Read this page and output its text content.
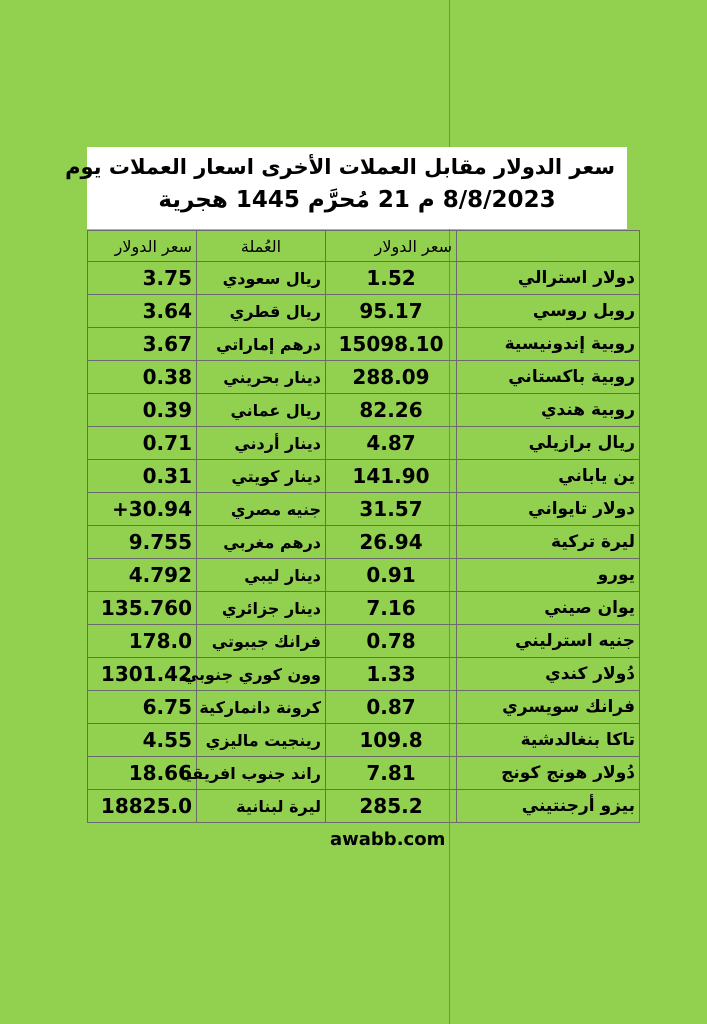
سعر الدولار مقابل العملات الأخرى اسعار العملات يوم
8/8/2023 م 21 مُحرَّم 1445 هجرية
	سعر الدولار	العُملة	سعر الدولار
دولار استرالي	1.52	ريال سعودي	3.75
روبل روسي	95.17	ريال قطري	3.64
روبية إندونيسية	15098.10	درهم إماراتي	3.67
روبية باكستاني	288.09	دينار بحريني	0.38
روبية هندي	82.26	ريال عماني	0.39
ريال برازيلي	4.87	دينار أردني	0.71
ين ياباني	141.90	دينار كويتي	0.31
دولار تايواني	31.57	جنيه مصري	30.94+
ليرة تركية	26.94	درهم مغربي	9.755
يورو	0.91	دينار ليبي	4.792
يوان صيني	7.16	دينار جزائري	135.760
جنيه استرليني	0.78	فرانك جيبوتي	178.0
دُولار كندي	1.33	وون كوري جنوبي	1301.42
فرانك سويسري	0.87	كرونة دانماركية	6.75
تاكا بنغالدشية	109.8	رينجيت ماليزي	4.55
دُولار هونج كونج	7.81	راند جنوب افريقيا	18.66
بيزو أرجنتيني	285.2	ليرة لبنانية	18825.0
awabb.com
